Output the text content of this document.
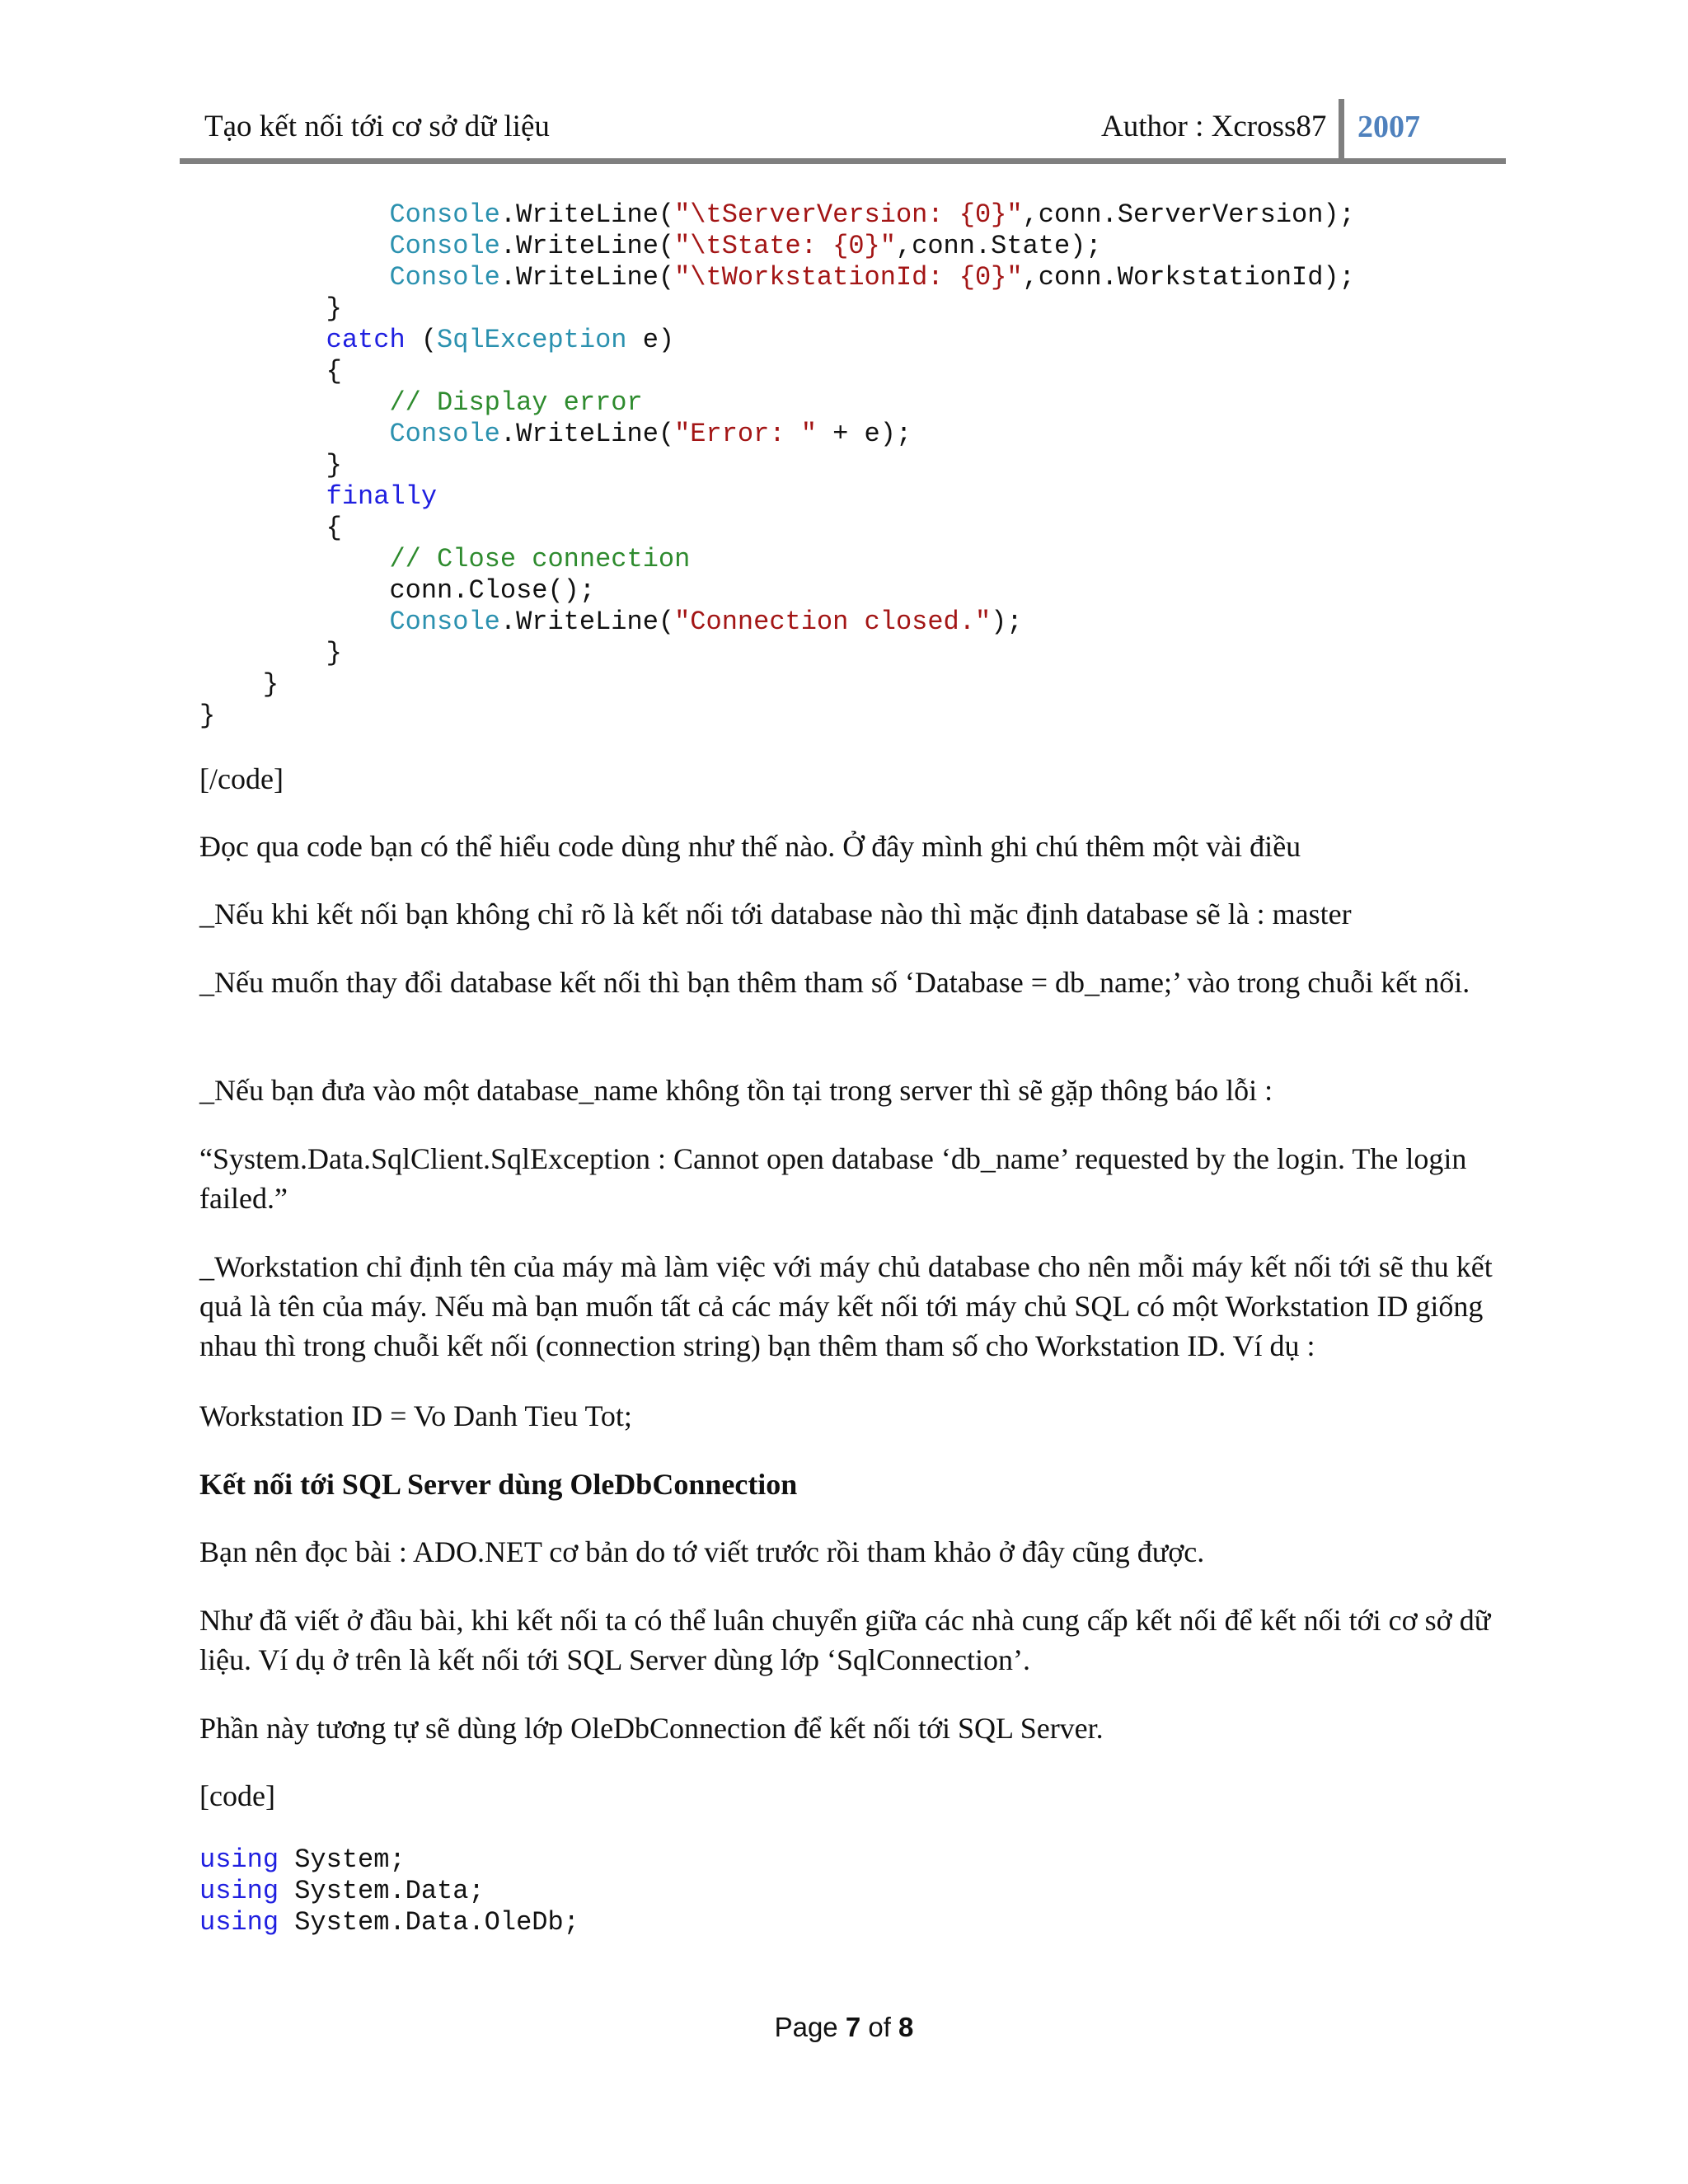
Tạo kết nối tới cơ sở dữ liệu	Author : Xcross87 2007
Console.WriteLine("\tServerVersion: {0}",conn.ServerVersion);
Console.WriteLine("\tState: {0}",conn.State);
Console.WriteLine("\tWorkstationId: {0}",conn.WorkstationId);
}
catch (SqlException e)
{
// Display error
Console.WriteLine("Error: " + e);
}
finally
{
// Close connection
conn.Close();
Console.WriteLine("Connection closed.");
}
}
}

[/code]

Đọc qua code bạn có thể hiểu code dùng như thế nào. Ở đây mình ghi chú thêm một vài điều

_Nếu khi kết nối bạn không chỉ rõ là kết nối tới database nào thì mặc định database sẽ là : master

_Nếu muốn thay đổi database kết nối thì bạn thêm tham số ‘Database = db_name;’ vào trong chuỗi kết nối.

_Nếu bạn đưa vào một database_name không tồn tại trong server thì sẽ gặp thông báo lỗi :

“System.Data.SqlClient.SqlException : Cannot open database ‘db_name’ requested by the login. The login failed.”

_Workstation chỉ định tên của máy mà làm việc với máy chủ database cho nên mỗi máy kết nối tới sẽ thu kết quả là tên của máy. Nếu mà bạn muốn tất cả các máy kết nối tới máy chủ SQL có một Workstation ID giống nhau thì trong chuỗi kết nối (connection string) bạn thêm tham số cho Workstation ID. Ví dụ :

Workstation ID = Vo Danh Tieu Tot;

Kết nối tới SQL Server dùng OleDbConnection

Bạn nên đọc bài : ADO.NET cơ bản do tớ viết trước rồi tham khảo ở đây cũng được.

Như đã viết ở đầu bài, khi kết nối ta có thể luân chuyển giữa các nhà cung cấp kết nối để kết nối tới cơ sở dữ liệu. Ví dụ ở trên là kết nối tới SQL Server dùng lớp ‘SqlConnection’.

Phần này tương tự sẽ dùng lớp OleDbConnection để kết nối tới SQL Server.

[code]

using System;
using System.Data;
using System.Data.OleDb;
Page 7 of 8
